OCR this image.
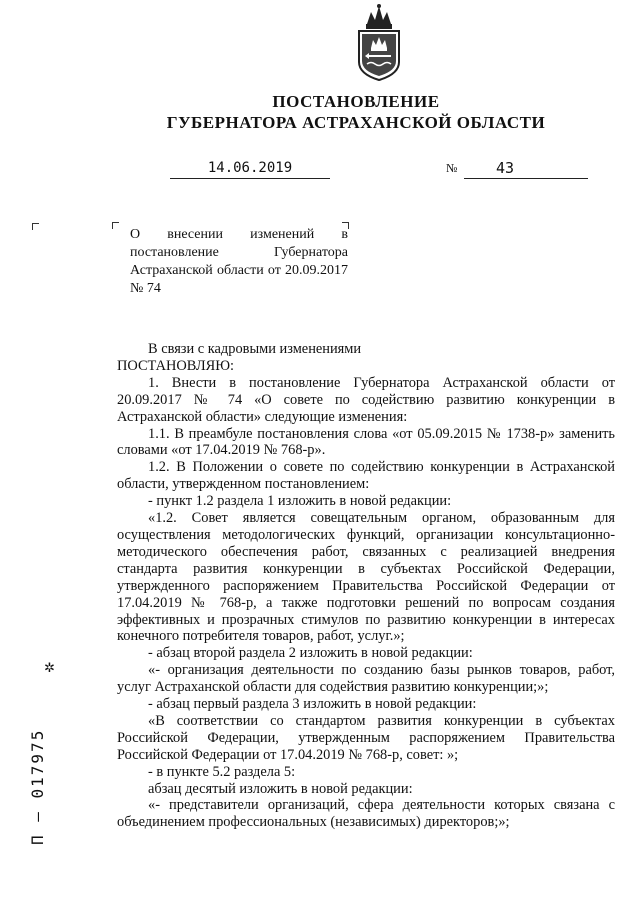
ПОСТАНОВЛЕНИЕ
ГУБЕРНАТОРА АСТРАХАНСКОЙ ОБЛАСТИ
14.06.2019	№	43
О внесении изменений в постановление Губернатора Астраханской области от 20.09.2017 № 74

В связи с кадровыми изменениями

ПОСТАНОВЛЯЮ:

1. Внести в постановление Губернатора Астраханской области от 20.09.2017 № 74 «О совете по содействию развитию конкуренции в Астраханской области» следующие изменения:

1.1. В преамбуле постановления слова «от 05.09.2015 № 1738-р» заменить словами «от 17.04.2019 № 768-р».

1.2. В Положении о совете по содействию конкуренции в Астраханской области, утвержденном постановлением:

- пункт 1.2 раздела 1 изложить в новой редакции:

«1.2. Совет является совещательным органом, образованным для осуществления методологических функций, организации консультационно-методического обеспечения работ, связанных с реализацией внедрения стандарта развития конкуренции в субъектах Российской Федерации, утвержденного распоряжением Правительства Российской Федерации от 17.04.2019 № 768-р, а также подготовки решений по вопросам создания эффективных и прозрачных стимулов по развитию конкуренции в интересах конечного потребителя товаров, работ, услуг.»;

- абзац второй раздела 2 изложить в новой редакции:

«- организация деятельности по созданию базы рынков товаров, работ, услуг Астраханской области для содействия развитию конкуренции;»;

- абзац первый раздела 3 изложить в новой редакции:

«В соответствии со стандартом развития конкуренции в субъектах Российской Федерации, утвержденным распоряжением Правительства Российской Федерации от 17.04.2019 № 768-р, совет: »;

- в пункте 5.2 раздела 5:

абзац десятый изложить в новой редакции:

«- представители организаций, сфера деятельности которых связана с объединением профессиональных (независимых) директоров;»;

П – 017975
✲
